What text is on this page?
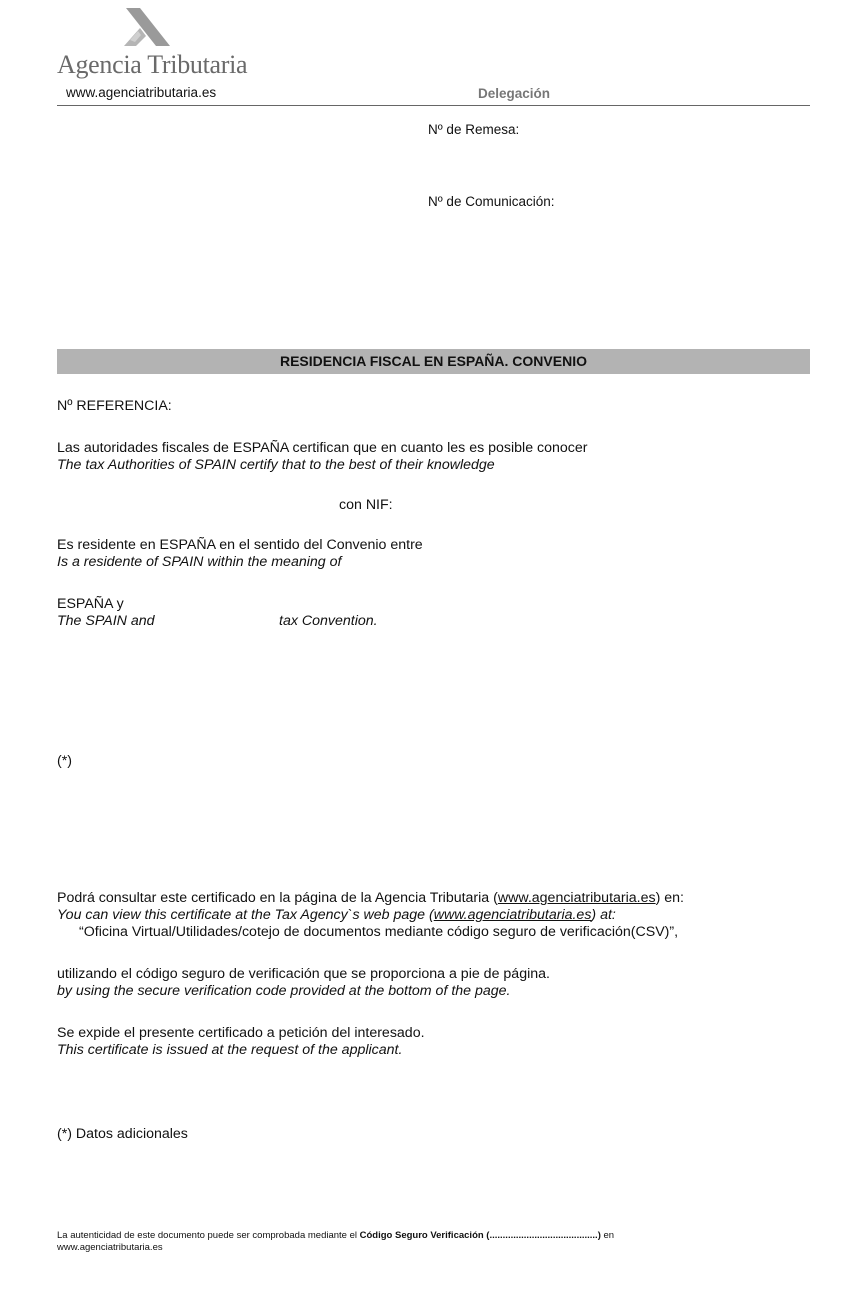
Agencia Tributaria
www.agenciatributaria.es	Delegación
Nº de Remesa:
Nº de Comunicación:
RESIDENCIA FISCAL EN ESPAÑA. CONVENIO
Nº REFERENCIA:
Las autoridades fiscales de ESPAÑA certifican que en cuanto les es posible conocer
The tax Authorities of SPAIN certify that to the best of their knowledge
con NIF:
Es residente en ESPAÑA en el sentido del Convenio entre
Is a residente of SPAIN within the meaning of
ESPAÑA y
The SPAIN and	tax Convention.
(*)
Podrá consultar este certificado en la página de la Agencia Tributaria (www.agenciatributaria.es) en:
You can view this certificate at the Tax Agency`s web page (www.agenciatributaria.es) at:
“Oficina Virtual/Utilidades/cotejo de documentos mediante código seguro de verificación(CSV)”,
utilizando el código seguro de verificación que se proporciona a pie de página.
by using the secure verification code provided at the bottom of the page.
Se expide el presente certificado a petición del interesado.
This certificate is issued at the request of the applicant.
(*) Datos adicionales
La autenticidad de este documento puede ser comprobada mediante el Código Seguro Verificación (.........................................) en
www.agenciatributaria.es
